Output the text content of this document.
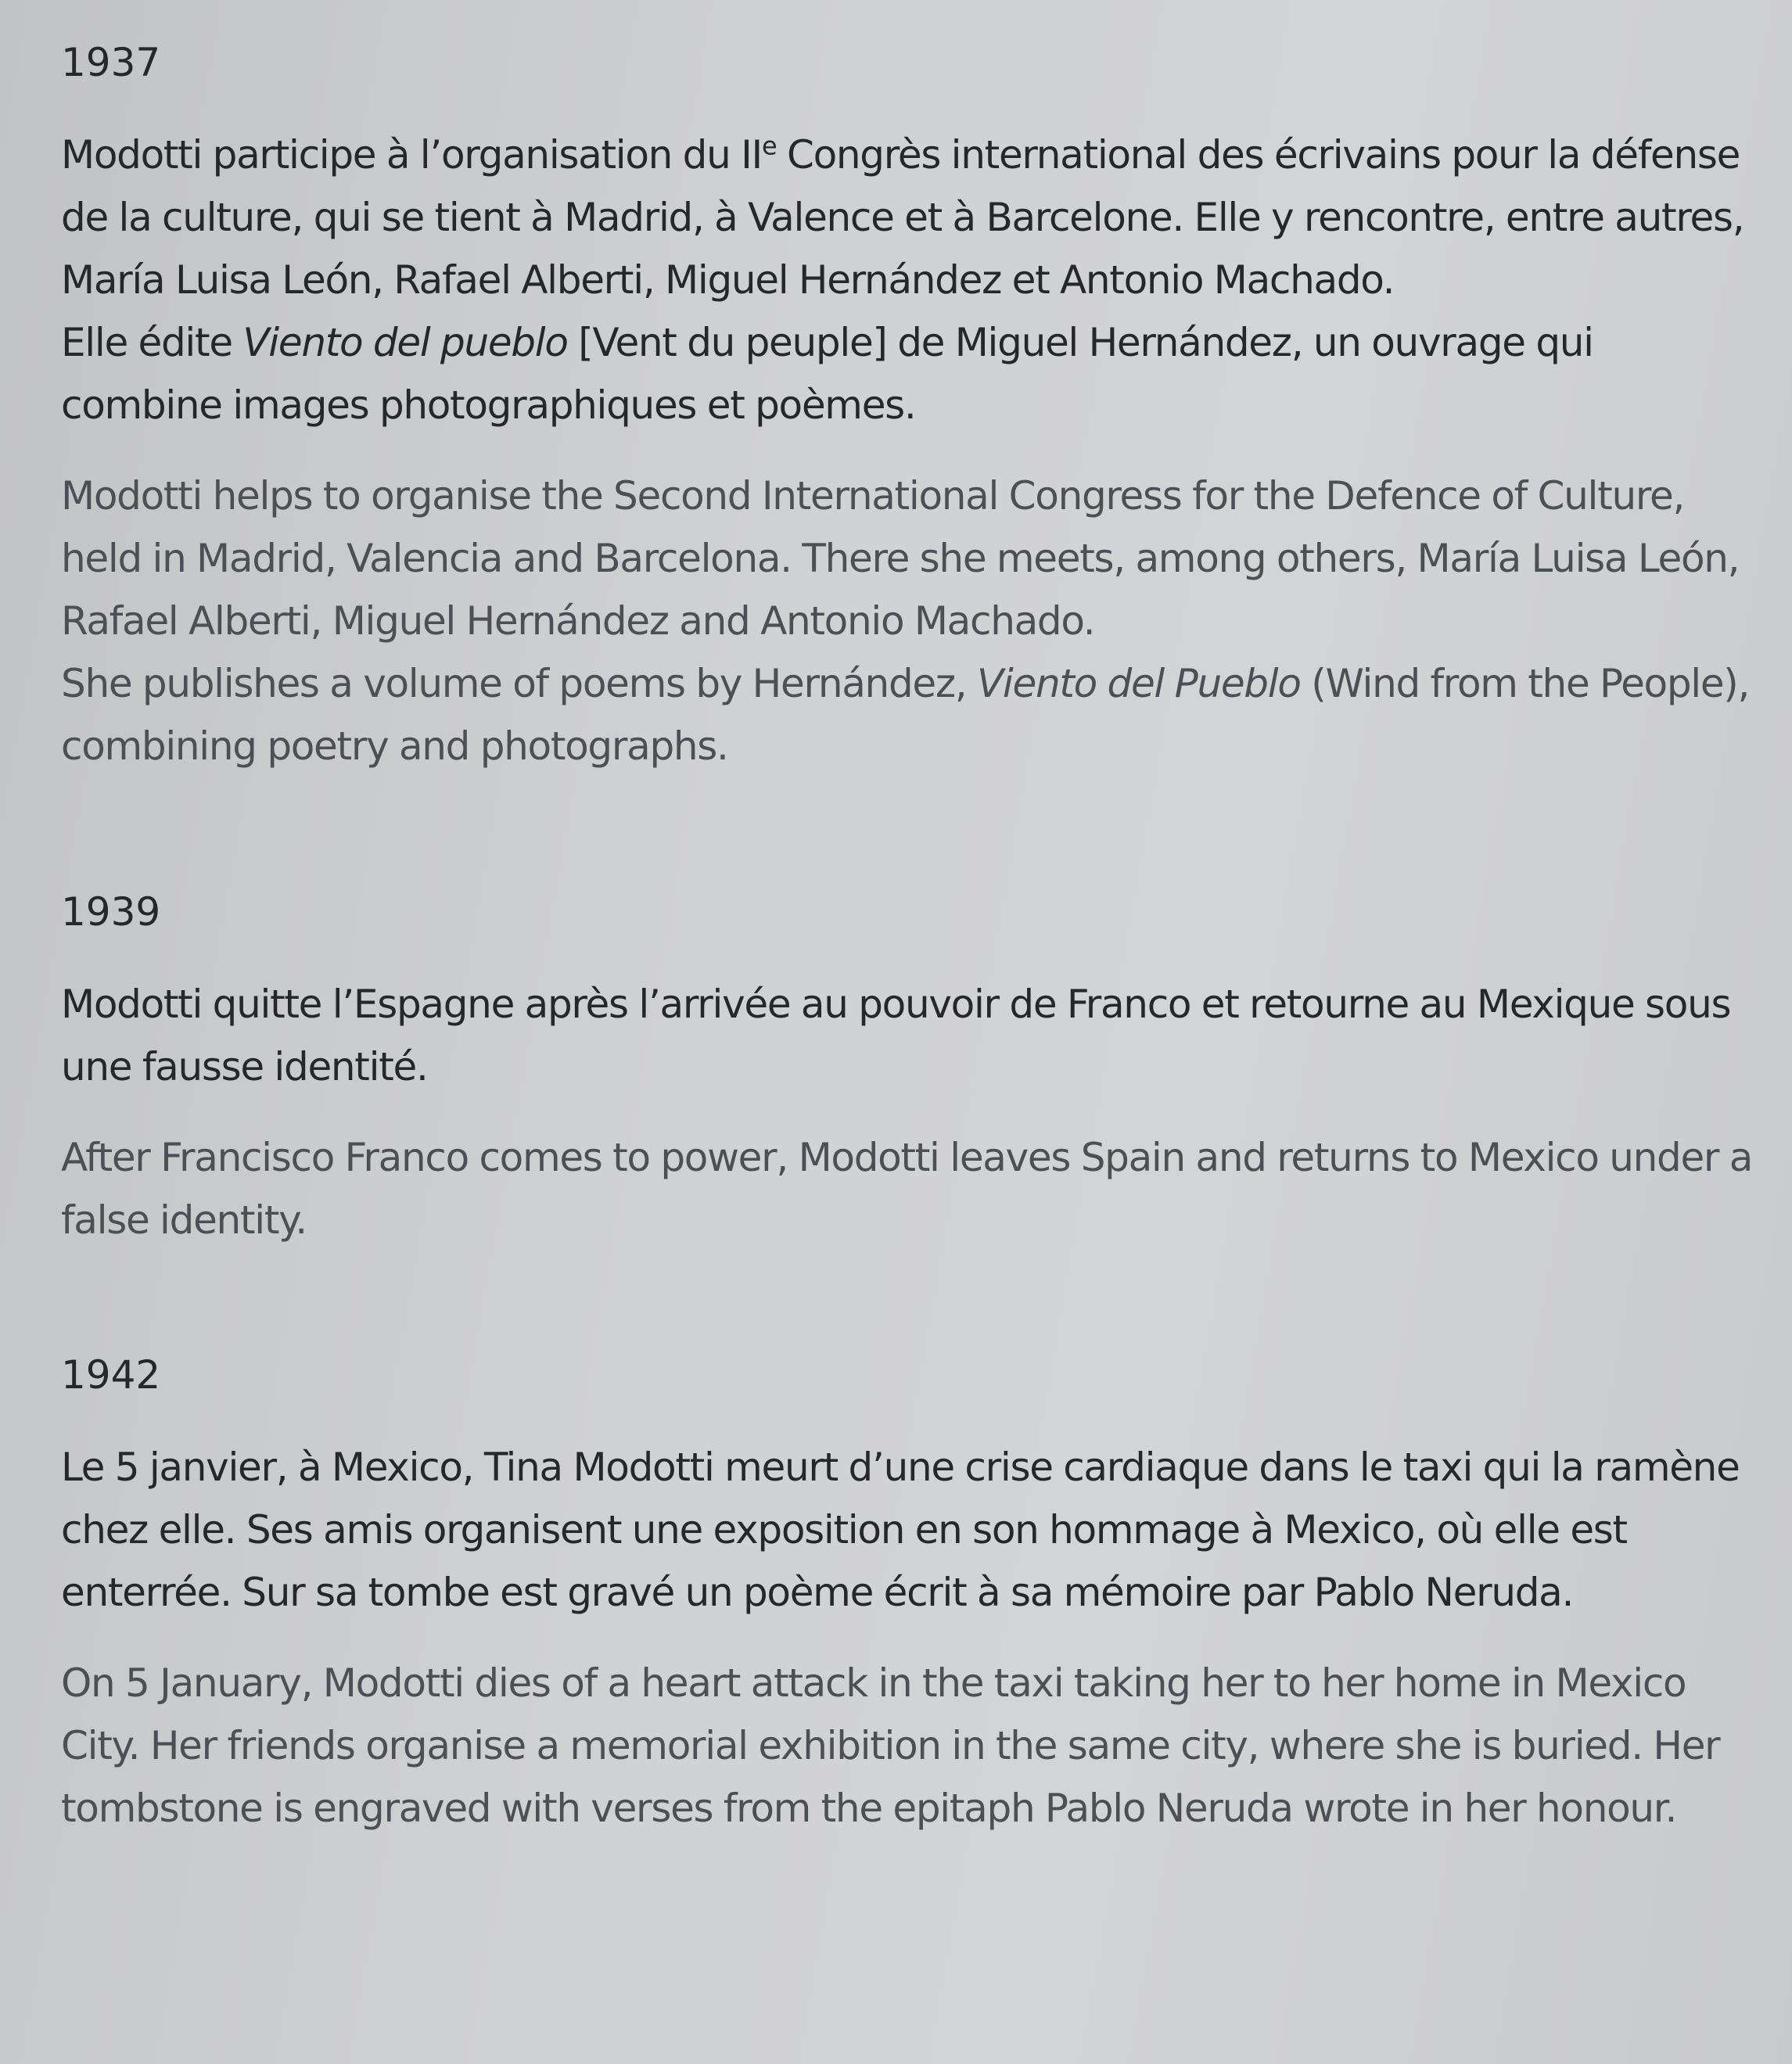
1937

Modotti participe à l’organisation du IIe Congrès international des écrivains pour la défense de la culture, qui se tient à Madrid, à Valence et à Barcelone. Elle y rencontre, entre autres, María Luisa León, Rafael Alberti, Miguel Hernández et Antonio Machado.
Elle édite Viento del pueblo [Vent du peuple] de Miguel Hernández, un ouvrage qui combine images photographiques et poèmes.

Modotti helps to organise the Second International Congress for the Defence of Culture, held in Madrid, Valencia and Barcelona. There she meets, among others, María Luisa León, Rafael Alberti, Miguel Hernández and Antonio Machado.
She publishes a volume of poems by Hernández, Viento del Pueblo (Wind from the People), combining poetry and photographs.

1939

Modotti quitte l’Espagne après l’arrivée au pouvoir de Franco et retourne au Mexique sous une fausse identité.

After Francisco Franco comes to power, Modotti leaves Spain and returns to Mexico under a false identity.

1942

Le 5 janvier, à Mexico, Tina Modotti meurt d’une crise cardiaque dans le taxi qui la ramène chez elle. Ses amis organisent une exposition en son hommage à Mexico, où elle est enterrée. Sur sa tombe est gravé un poème écrit à sa mémoire par Pablo Neruda.

On 5 January, Modotti dies of a heart attack in the taxi taking her to her home in Mexico City. Her friends organise a memorial exhibition in the same city, where she is buried. Her tombstone is engraved with verses from the epitaph Pablo Neruda wrote in her honour.
